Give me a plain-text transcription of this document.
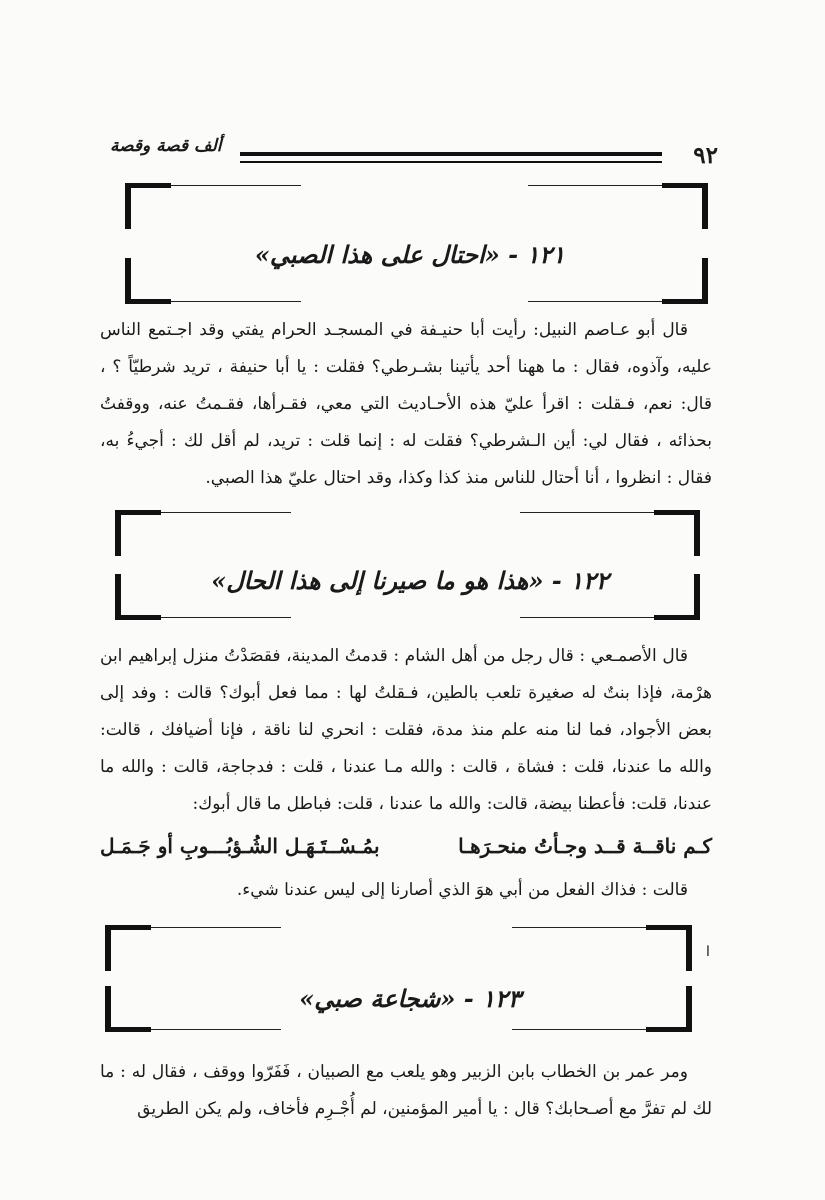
٩٢
ألف قصة وقصة
١٢١ - «احتال على هذا الصبي»

قال أبو عـاصم النبيل: رأيت أبا حنيـفة في المسجـد الحرام يفتي وقد اجـتمع الناس عليه، وآذوه، فقال : ما ههنا أحد يأتينا بشـرطي؟ فقلت : يا أبا حنيفة ، تريد شرطيّاً ؟ ، قال: نعم، فـقلت : اقرأ عليّ هذه الأحـاديث التي معي، فقـرأها، فقـمتُ عنه، ووقفتُ بحذائه ، فقال لي: أين الـشرطي؟ فقلت له : إنما قلت : تريد، لم أقل لك : أجيءُ به، فقال : انظروا ، أنا أحتال للناس منذ كذا وكذا، وقد احتال عليّ هذا الصبي.

١٢٢ - «هذا هو ما صيرنا إلى هذا الحال»

قال الأصمـعي : قال رجل من أهل الشام : قدمتُ المدينة، فقصَدْتُ منزل إبراهيم ابن هرْمة، فإذا بنتٌ له صغيرة تلعب بالطين، فـقلتُ لها : مما فعل أبوك؟ قالت : وفد إلى بعض الأجواد، فما لنا منه علم منذ مدة، فقلت : انحري لنا ناقة ، فإنا أضيافك ، قالت: والله ما عندنا، قلت : فشاة ، قالت : والله مـا عندنا ، قلت : فدجاجة، قالت : والله ما عندنا، قلت: فأعطنا بيضة، قالت: والله ما عندنا ، قلت: فباطل ما قال أبوك:

كـم ناقــة قــد وجـأتُ منحـرَهـا
بمُـسْــتَـهَـل الشُـؤبُـــوبِ أو جَـمَـل

قالت : فذاك الفعل من أبي هوَ الذي أصارنا إلى ليس عندنا شيء.

ا
١٢٣ - «شجاعة صبي»

ومر عمر بن الخطاب بابن الزبير وهو يلعب مع الصبيان ، فَفَرّوا ووقف ، فقال له : ما لك لم تفرَّ مع أصـحابك؟ قال : يا أمير المؤمنين، لم أُجْـرِم فأخاف، ولم يكن الطريق
